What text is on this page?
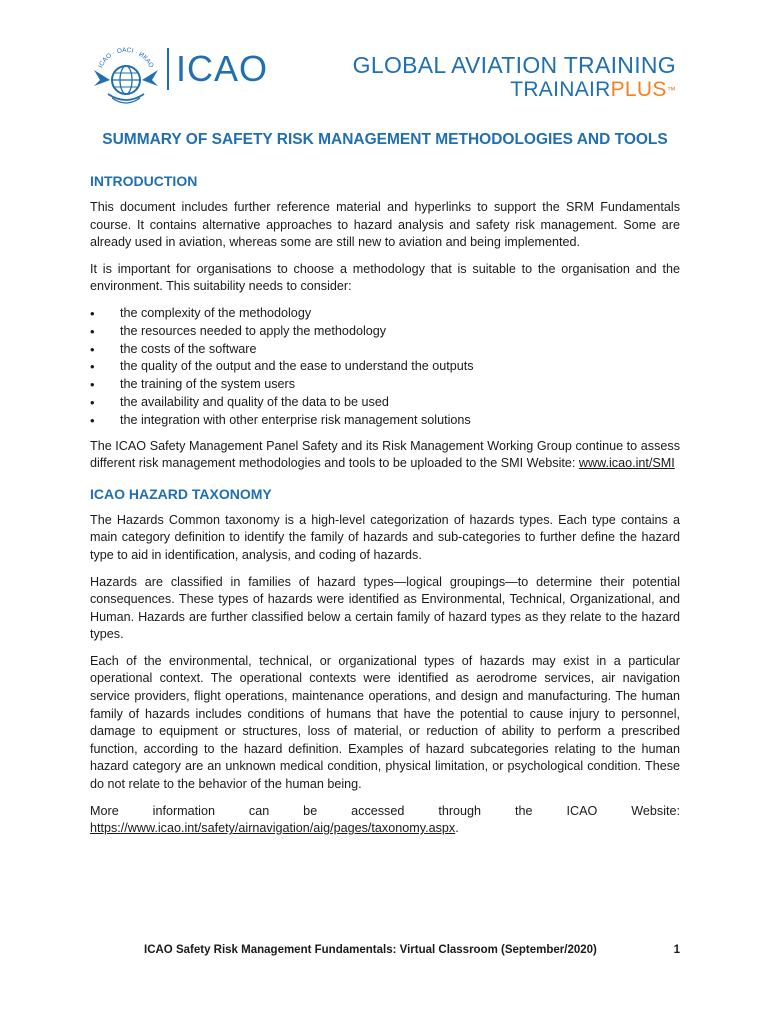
ICAO · OACI · ИКАО ICAO	GLOBAL AVIATION TRAINING
TRAINAIRPLUS™
SUMMARY OF SAFETY RISK MANAGEMENT METHODOLOGIES AND TOOLS
INTRODUCTION

This document includes further reference material and hyperlinks to support the SRM Fundamentals course. It contains alternative approaches to hazard analysis and safety risk management. Some are already used in aviation, whereas some are still new to aviation and being implemented.

It is important for organisations to choose a methodology that is suitable to the organisation and the environment. This suitability needs to consider:

• the complexity of the methodology
• the resources needed to apply the methodology
• the costs of the software
• the quality of the output and the ease to understand the outputs
• the training of the system users
• the availability and quality of the data to be used
• the integration with other enterprise risk management solutions

The ICAO Safety Management Panel Safety and its Risk Management Working Group continue to assess different risk management methodologies and tools to be uploaded to the SMI Website: www.icao.int/SMI

ICAO HAZARD TAXONOMY

The Hazards Common taxonomy is a high-level categorization of hazards types. Each type contains a main category definition to identify the family of hazards and sub-categories to further define the hazard type to aid in identification, analysis, and coding of hazards.

Hazards are classified in families of hazard types—logical groupings—to determine their potential consequences. These types of hazards were identified as Environmental, Technical, Organizational, and Human. Hazards are further classified below a certain family of hazard types as they relate to the hazard types.

Each of the environmental, technical, or organizational types of hazards may exist in a particular operational context. The operational contexts were identified as aerodrome services, air navigation service providers, flight operations, maintenance operations, and design and manufacturing. The human family of hazards includes conditions of humans that have the potential to cause injury to personnel, damage to equipment or structures, loss of material, or reduction of ability to perform a prescribed function, according to the hazard definition. Examples of hazard subcategories relating to the human hazard category are an unknown medical condition, physical limitation, or psychological condition. These do not relate to the behavior of the human being.

More information can be accessed through the ICAO Website: https://www.icao.int/safety/airnavigation/aig/pages/taxonomy.aspx.

ICAO Safety Risk Management Fundamentals: Virtual Classroom (September/2020)	1
